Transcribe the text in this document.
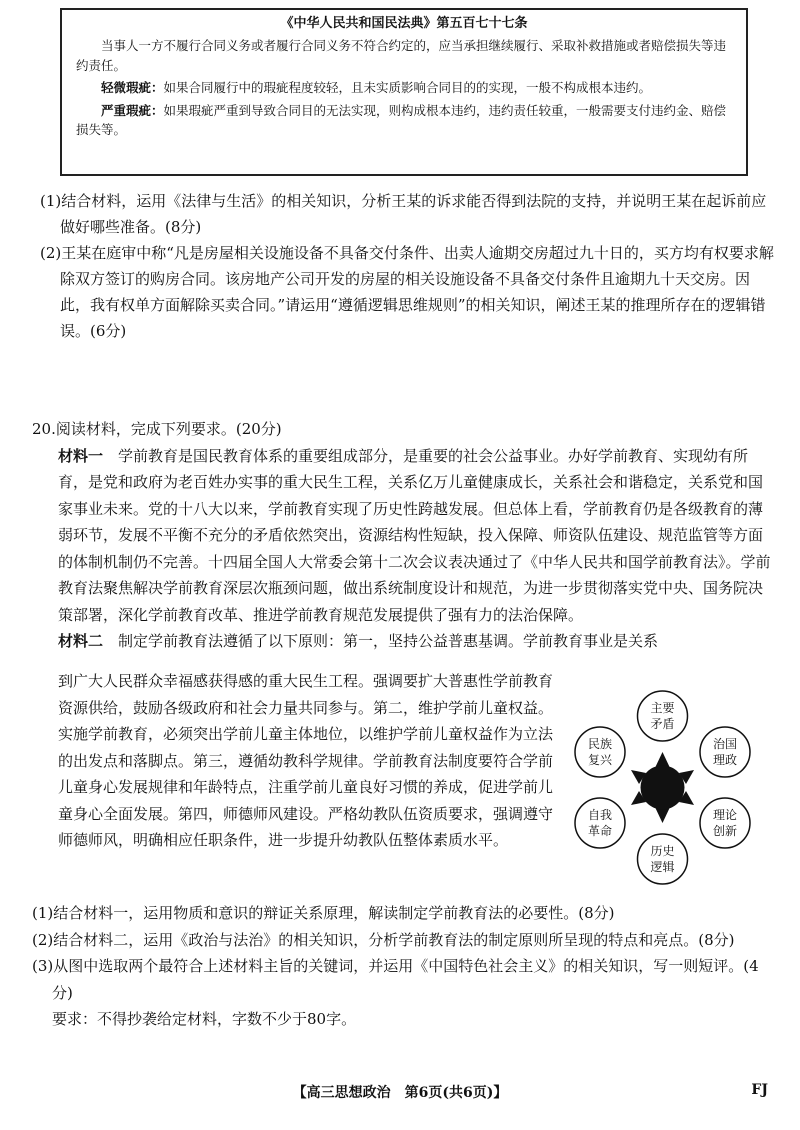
《中华人民共和国民法典》第五百七十七条

当事人一方不履行合同义务或者履行合同义务不符合约定的，应当承担继续履行、采取补救措施或者赔偿损失等违约责任。

轻微瑕疵：如果合同履行中的瑕疵程度较轻，且未实质影响合同目的的实现，一般不构成根本违约。

严重瑕疵：如果瑕疵严重到导致合同目的无法实现，则构成根本违约，违约责任较重，一般需要支付违约金、赔偿损失等。

(1)结合材料，运用《法律与生活》的相关知识，分析王某的诉求能否得到法院的支持，并说明王某在起诉前应做好哪些准备。(8分)

(2)王某在庭审中称“凡是房屋相关设施设备不具备交付条件、出卖人逾期交房超过九十日的，买方均有权要求解除双方签订的购房合同。该房地产公司开发的房屋的相关设施设备不具备交付条件且逾期九十天交房。因此，我有权单方面解除买卖合同。”请运用“遵循逻辑思维规则”的相关知识，阐述王某的推理所存在的逻辑错误。(6分)

20.阅读材料，完成下列要求。(20分)

材料一　 学前教育是国民教育体系的重要组成部分，是重要的社会公益事业。办好学前教育、实现幼有所育，是党和政府为老百姓办实事的重大民生工程，关系亿万儿童健康成长，关系社会和谐稳定，关系党和国家事业未来。党的十八大以来，学前教育实现了历史性跨越发展。但总体上看，学前教育仍是各级教育的薄弱环节，发展不平衡不充分的矛盾依然突出，资源结构性短缺，投入保障、师资队伍建设、规范监管等方面的体制机制仍不完善。十四届全国人大常委会第十二次会议表决通过了《中华人民共和国学前教育法》。学前教育法聚焦解决学前教育深层次瓶颈问题，做出系统制度设计和规范，为进一步贯彻落实党中央、国务院决策部署，深化学前教育改革、推进学前教育规范发展提供了强有力的法治保障。

材料二　 制定学前教育法遵循了以下原则：第一，坚持公益普惠基调。学前教育事业是关系

到广大人民群众幸福感获得感的重大民生工程。强调要扩大普惠性学前教育资源供给，鼓励各级政府和社会力量共同参与。第二，维护学前儿童权益。实施学前教育，必须突出学前儿童主体地位，以维护学前儿童权益作为立法的出发点和落脚点。第三，遵循幼教科学规律。学前教育法制度要符合学前儿童身心发展规律和年龄特点，注重学前儿童良好习惯的养成，促进学前儿童身心全面发展。第四，师德师风建设。严格幼教队伍资质要求，强调遵守师德师风，明确相应任职条件，进一步提升幼教队伍整体素质水平。

主要
矛盾
治国
理政
理论
创新
历史
逻辑
自我
革命
民族
复兴

(1)结合材料一，运用物质和意识的辩证关系原理，解读制定学前教育法的必要性。(8分)

(2)结合材料二，运用《政治与法治》的相关知识，分析学前教育法的制定原则所呈现的特点和亮点。(8分)

(3)从图中选取两个最符合上述材料主旨的关键词，并运用《中国特色社会主义》的相关知识，写一则短评。(4分)

要求：不得抄袭给定材料，字数不少于80字。

【高三思想政治　第6页(共6页)】	FJ
